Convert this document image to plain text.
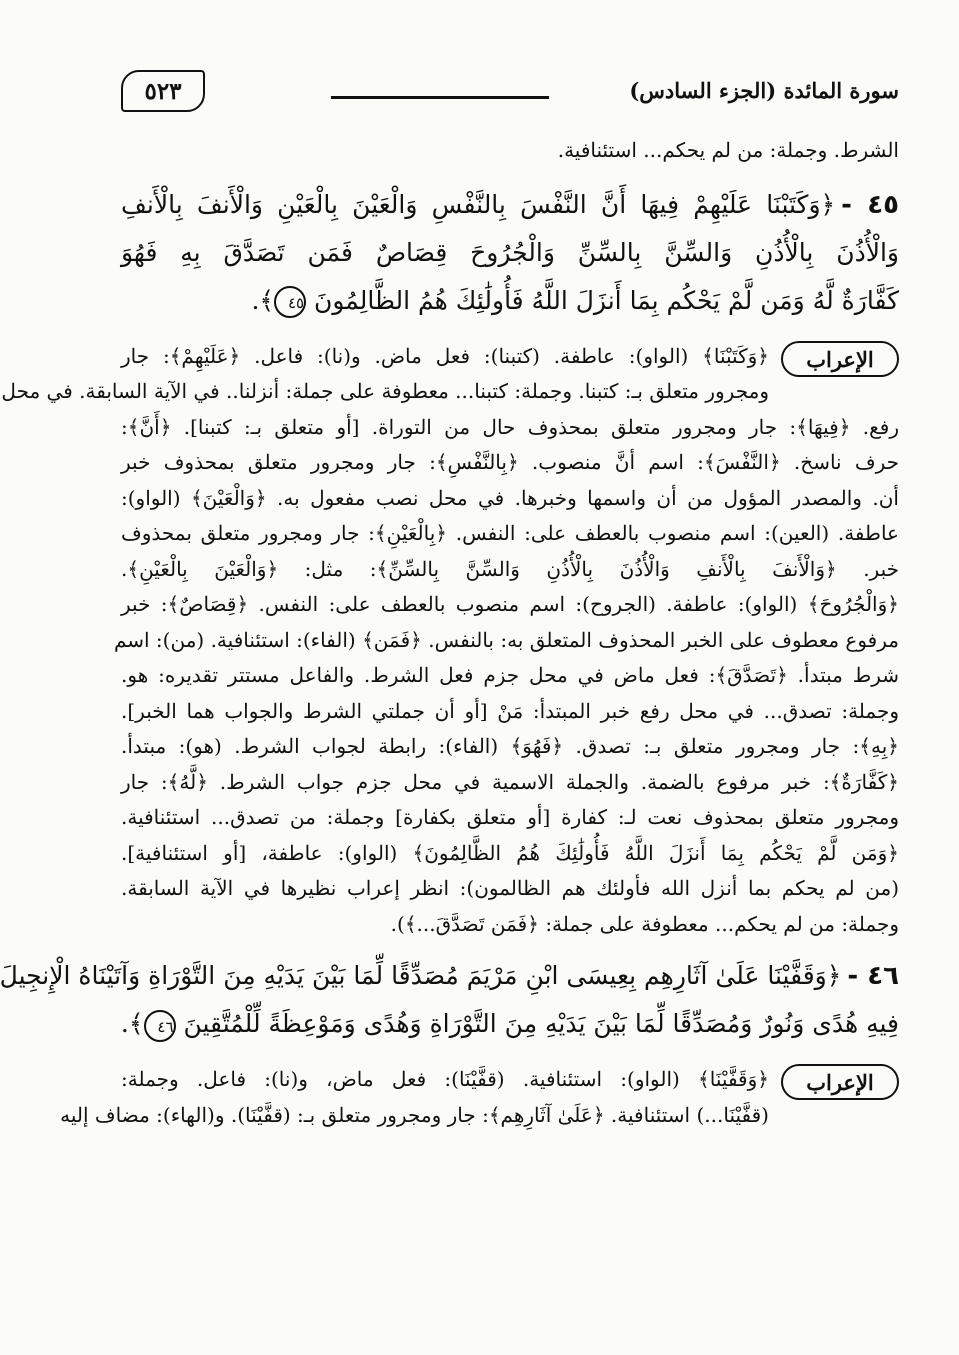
سورة المائدة (الجزء السادس)
٥٢٣
الشرط. وجملة: من لم يحكم... استئنافية.
٤٥ -﴿وَكَتَبْنَا عَلَيْهِمْ فِيهَا أَنَّ النَّفْسَ بِالنَّفْسِ وَالْعَيْنَ بِالْعَيْنِ وَالْأَنفَ بِالْأَنفِ
وَالْأُذُنَ بِالْأُذُنِ وَالسِّنَّ بِالسِّنِّ وَالْجُرُوحَ قِصَاصٌ فَمَن تَصَدَّقَ بِهِ فَهُوَ
كَفَّارَةٌ لَّهُ وَمَن لَّمْ يَحْكُم بِمَا أَنزَلَ اللَّهُ فَأُولَٰئِكَ هُمُ الظَّالِمُونَ ٤٥﴾.
الإعراب
﴿وَكَتَبْنَا﴾ (الواو): عاطفة. (كتبنا): فعل ماض. و(نا): فاعل. ﴿عَلَيْهِمْ﴾: جار
ومجرور متعلق بـ: كتبنا. وجملة: كتبنا... معطوفة على جملة: أنزلنا.. في الآية السابقة. في محل
رفع. ﴿فِيهَا﴾: جار ومجرور متعلق بمحذوف حال من التوراة. [أو متعلق بـ: كتبنا]. ﴿أَنَّ﴾:
حرف ناسخ. ﴿النَّفْسَ﴾: اسم أنَّ منصوب. ﴿بِالنَّفْسِ﴾: جار ومجرور متعلق بمحذوف خبر
أن. والمصدر المؤول من أن واسمها وخبرها. في محل نصب مفعول به. ﴿وَالْعَيْنَ﴾ (الواو):
عاطفة. (العين): اسم منصوب بالعطف على: النفس. ﴿بِالْعَيْنِ﴾: جار ومجرور متعلق بمحذوف
خبر. ﴿وَالْأَنفَ بِالْأَنفِ وَالْأُذُنَ بِالْأُذُنِ وَالسِّنَّ بِالسِّنِّ﴾: مثل: ﴿وَالْعَيْنَ بِالْعَيْنِ﴾.
﴿وَالْجُرُوحَ﴾ (الواو): عاطفة. (الجروح): اسم منصوب بالعطف على: النفس. ﴿قِصَاصٌ﴾: خبر
مرفوع معطوف على الخبر المحذوف المتعلق به: بالنفس. ﴿فَمَن﴾ (الفاء): استئنافية. (من): اسم
شرط مبتدأ. ﴿تَصَدَّقَ﴾: فعل ماض في محل جزم فعل الشرط. والفاعل مستتر تقديره: هو.
وجملة: تصدق... في محل رفع خبر المبتدأ: مَنْ [أو أن جملتي الشرط والجواب هما الخبر].
﴿بِهِ﴾: جار ومجرور متعلق بـ: تصدق. ﴿فَهُوَ﴾ (الفاء): رابطة لجواب الشرط. (هو): مبتدأ.
﴿كَفَّارَةٌ﴾: خبر مرفوع بالضمة. والجملة الاسمية في محل جزم جواب الشرط. ﴿لَّهُ﴾: جار
ومجرور متعلق بمحذوف نعت لـ: كفارة [أو متعلق بكفارة] وجملة: من تصدق... استئنافية.
﴿وَمَن لَّمْ يَحْكُم بِمَا أَنزَلَ اللَّهُ فَأُولَٰئِكَ هُمُ الظَّالِمُونَ﴾ (الواو): عاطفة، [أو استئنافية].
(من لم يحكم بما أنزل الله فأولئك هم الظالمون): انظر إعراب نظيرها في الآية السابقة.
وجملة: من لم يحكم... معطوفة على جملة: ﴿فَمَن تَصَدَّقَ...﴾).
٤٦ -﴿وَقَفَّيْنَا عَلَىٰ آثَارِهِم بِعِيسَى ابْنِ مَرْيَمَ مُصَدِّقًا لِّمَا بَيْنَ يَدَيْهِ مِنَ التَّوْرَاةِ وَآتَيْنَاهُ الْإِنجِيلَ
فِيهِ هُدًى وَنُورٌ وَمُصَدِّقًا لِّمَا بَيْنَ يَدَيْهِ مِنَ التَّوْرَاةِ وَهُدًى وَمَوْعِظَةً لِّلْمُتَّقِينَ ٤٦﴾.
الإعراب
﴿وَقَفَّيْنَا﴾ (الواو): استئنافية. (قفَّيْنَا): فعل ماض، و(نا): فاعل. وجملة:
(قفَّيْنَا...) استئنافية. ﴿عَلَىٰ آثَارِهِم﴾: جار ومجرور متعلق بـ: (قفَّيْنَا). و(الهاء): مضاف إليه
